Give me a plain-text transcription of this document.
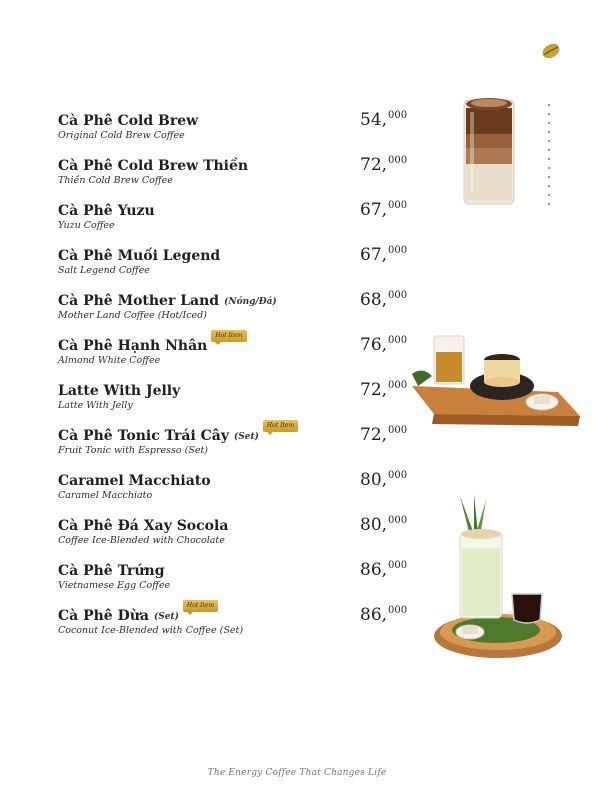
Cà Phê Cold Brew
Original Cold Brew Coffee
54,$^{000}$
Cà Phê Cold Brew Thiền
Thiền Cold Brew Coffee
72,$^{000}$
Cà Phê Yuzu
Yuzu Coffee
67,$^{000}$
Cà Phê Muối Legend
Salt Legend Coffee
67,$^{000}$
Cà Phê Mother Land (Nóng/Đá)
Mother Land Coffee (Hot/Iced)
68,$^{000}$
Cà Phê Hạnh Nhân
Hot Item
Almond White Coffee
76,$^{000}$
Latte With Jelly
Latte With Jelly
72,$^{000}$
Cà Phê Tonic Trái Cây (Set)
Hot Item
Fruit Tonic with Espresso (Set)
72,$^{000}$
Caramel Macchiato
Caramel Macchiato
80,$^{000}$
Cà Phê Đá Xay Socola
Coffee Ice-Blended with Chocolate
80,$^{000}$
Cà Phê Trứng
Vietnamese Egg Coffee
86,$^{000}$
Cà Phê Dừa (Set)
Hot Item
Coconut Ice-Blended with Coffee (Set)
86,$^{000}$
The Energy Coffee That Changes Life
